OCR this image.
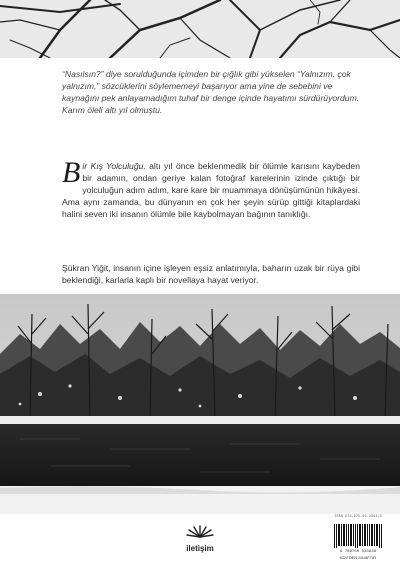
“Nasılsın?” diye sorulduğunda içimden bir çığlık gibi yükselen “Yalnızım, çok yalnızım,” sözcüklerini söylememeyi başarıyor ama yine de sebebini ve kaynağını pek anlayamadığım tuhaf bir denge içinde hayatımı sürdürüyordum. Karım öleli altı yıl olmuştu.

Bir Kış Yolculuğu, altı yıl önce beklenmedik bir ölümle karısını kaybeden bir adamın, ondan geriye kalan fotoğraf karelerinin izinde çıktığı bir yolculuğun adım adım, kare kare bir muammaya dönüşümünün hikâyesi. Ama aynı zamanda, bu dünyanın en çok her şeyin sürüp gittiği kitaplardaki halini seven iki insanın ölümle bile kaybolmayan bağının tanıklığı.

Şükran Yiğit, insanın içine işleyen eşsiz anlatımıyla, baharın uzak bir rüya gibi beklendiği, karlarla kaplı bir novellaya hayat veriyor.

iletişim
ISBN 978-975-05-3393-8
9 789750 533938
KDV'DEN MUAFTIR
